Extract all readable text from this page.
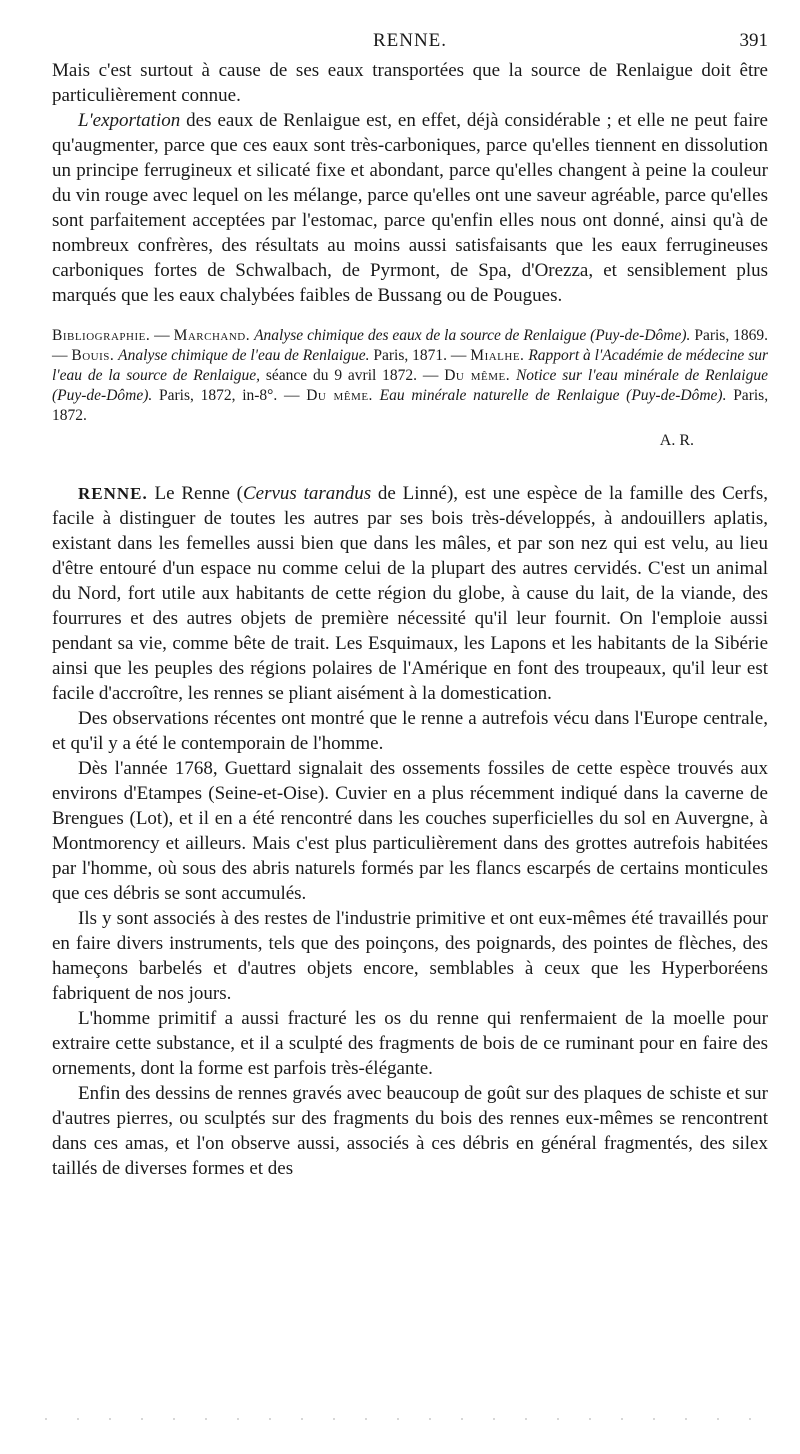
RENNE.	391

Mais c'est surtout à cause de ses eaux transportées que la source de Renlaigue doit être particulièrement connue.

L'exportation des eaux de Renlaigue est, en effet, déjà considérable ; et elle ne peut faire qu'augmenter, parce que ces eaux sont très-carboniques, parce qu'elles tiennent en dissolution un principe ferrugineux et silicaté fixe et abondant, parce qu'elles changent à peine la couleur du vin rouge avec lequel on les mélange, parce qu'elles ont une saveur agréable, parce qu'elles sont parfaitement acceptées par l'estomac, parce qu'enfin elles nous ont donné, ainsi qu'à de nombreux confrères, des résultats au moins aussi satisfaisants que les eaux ferrugineuses carboniques fortes de Schwalbach, de Pyrmont, de Spa, d'Orezza, et sensiblement plus marqués que les eaux chalybées faibles de Bussang ou de Pougues.

Bibliographie. — Marchand. Analyse chimique des eaux de la source de Renlaigue (Puy-de-Dôme). Paris, 1869. — Bouis. Analyse chimique de l'eau de Renlaigue. Paris, 1871. — Mialhe. Rapport à l'Académie de médecine sur l'eau de la source de Renlaigue, séance du 9 avril 1872. — Du même. Notice sur l'eau minérale de Renlaigue (Puy-de-Dôme). Paris, 1872, in-8°. — Du même. Eau minérale naturelle de Renlaigue (Puy-de-Dôme). Paris, 1872.

A. R.

RENNE. Le Renne (Cervus tarandus de Linné), est une espèce de la famille des Cerfs, facile à distinguer de toutes les autres par ses bois très-développés, à andouillers aplatis, existant dans les femelles aussi bien que dans les mâles, et par son nez qui est velu, au lieu d'être entouré d'un espace nu comme celui de la plupart des autres cervidés. C'est un animal du Nord, fort utile aux habitants de cette région du globe, à cause du lait, de la viande, des fourrures et des autres objets de première nécessité qu'il leur fournit. On l'emploie aussi pendant sa vie, comme bête de trait. Les Esquimaux, les Lapons et les habitants de la Sibérie ainsi que les peuples des régions polaires de l'Amérique en font des troupeaux, qu'il leur est facile d'accroître, les rennes se pliant aisément à la domestication.

Des observations récentes ont montré que le renne a autrefois vécu dans l'Europe centrale, et qu'il y a été le contemporain de l'homme.

Dès l'année 1768, Guettard signalait des ossements fossiles de cette espèce trouvés aux environs d'Etampes (Seine-et-Oise). Cuvier en a plus récemment indiqué dans la caverne de Brengues (Lot), et il en a été rencontré dans les couches superficielles du sol en Auvergne, à Montmorency et ailleurs. Mais c'est plus particulièrement dans des grottes autrefois habitées par l'homme, où sous des abris naturels formés par les flancs escarpés de certains monticules que ces débris se sont accumulés.

Ils y sont associés à des restes de l'industrie primitive et ont eux-mêmes été travaillés pour en faire divers instruments, tels que des poinçons, des poignards, des pointes de flèches, des hameçons barbelés et d'autres objets encore, semblables à ceux que les Hyperboréens fabriquent de nos jours.

L'homme primitif a aussi fracturé les os du renne qui renfermaient de la moelle pour extraire cette substance, et il a sculpté des fragments de bois de ce ruminant pour en faire des ornements, dont la forme est parfois très-élégante.

Enfin des dessins de rennes gravés avec beaucoup de goût sur des plaques de schiste et sur d'autres pierres, ou sculptés sur des fragments du bois des rennes eux-mêmes se rencontrent dans ces amas, et l'on observe aussi, associés à ces débris en général fragmentés, des silex taillés de diverses formes et des
